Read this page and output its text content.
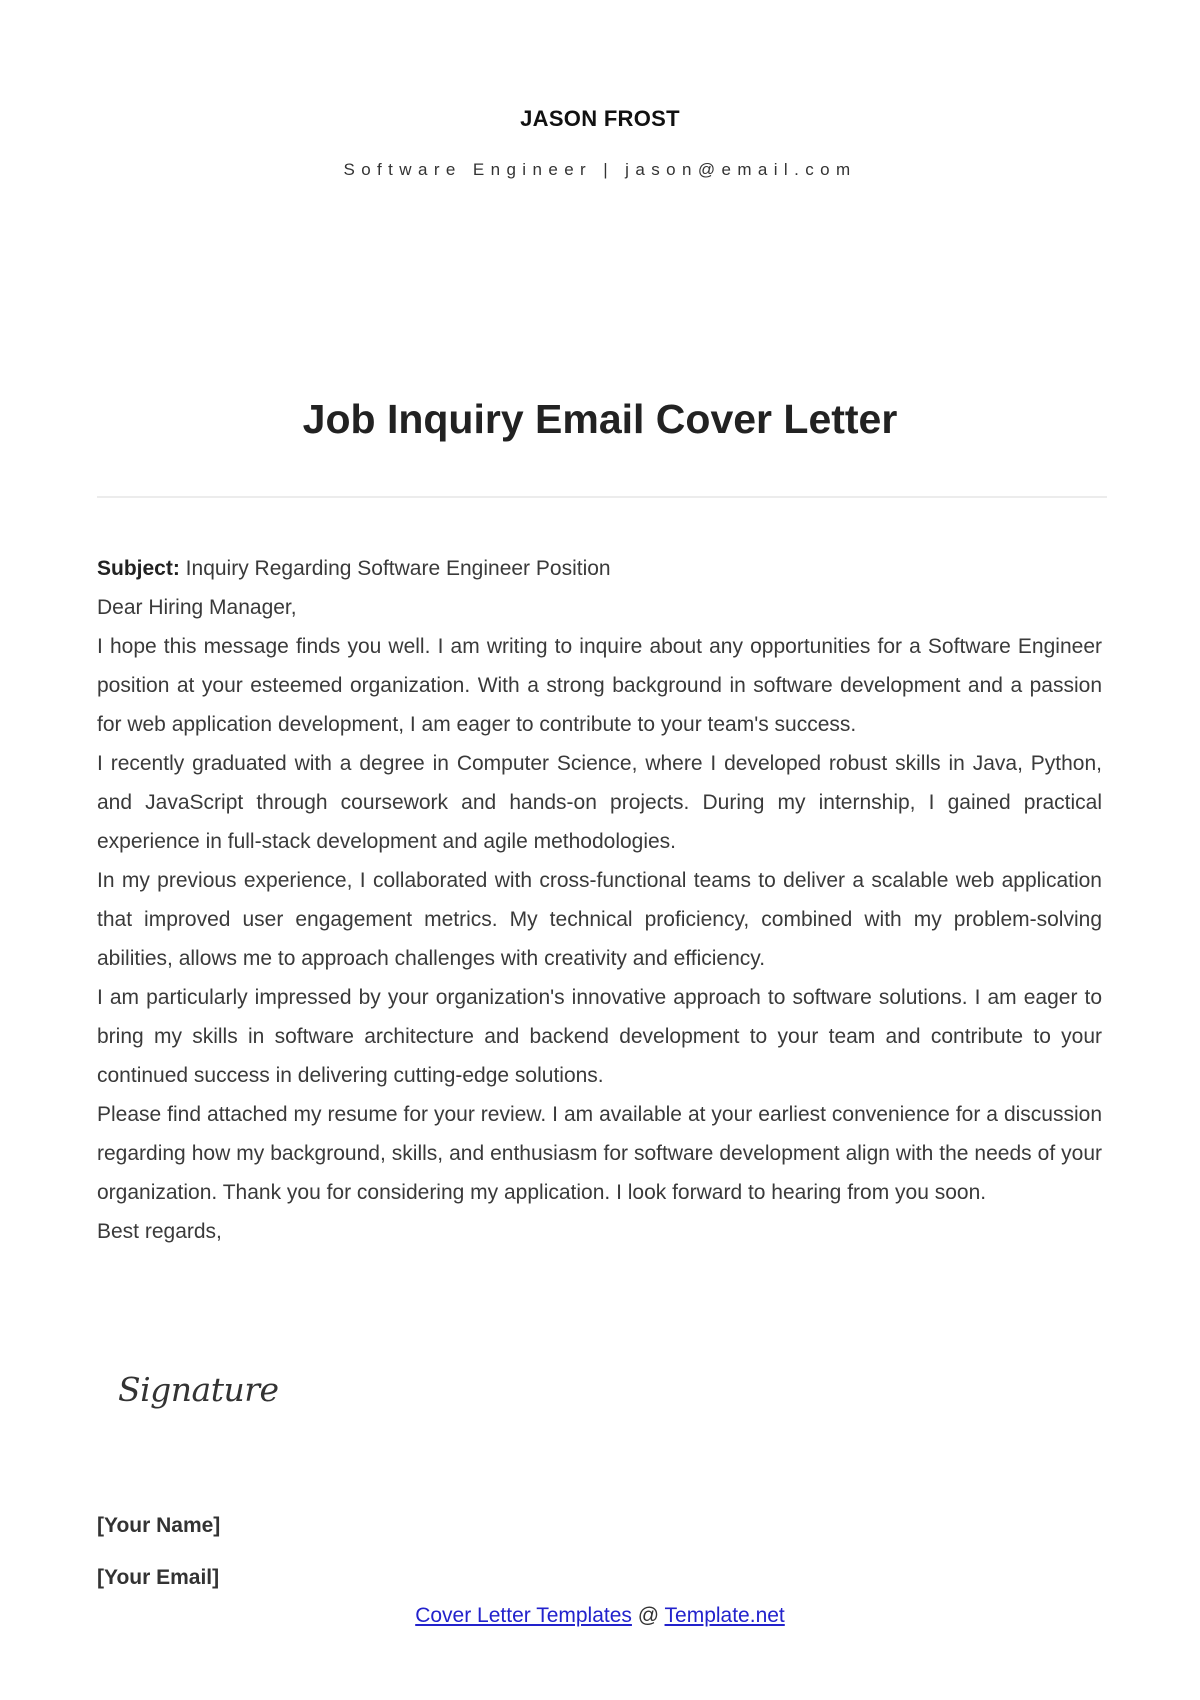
JASON FROST
Software Engineer | jason@email.com
Job Inquiry Email Cover Letter

Subject: Inquiry Regarding Software Engineer Position

Dear Hiring Manager,

I hope this message finds you well. I am writing to inquire about any opportunities for a Software Engineer position at your esteemed organization. With a strong background in software development and a passion for web application development, I am eager to contribute to your team's success.

I recently graduated with a degree in Computer Science, where I developed robust skills in Java, Python, and JavaScript through coursework and hands-on projects. During my internship, I gained practical experience in full-stack development and agile methodologies.

In my previous experience, I collaborated with cross-functional teams to deliver a scalable web application that improved user engagement metrics. My technical proficiency, combined with my problem-solving abilities, allows me to approach challenges with creativity and efficiency.

I am particularly impressed by your organization's innovative approach to software solutions. I am eager to bring my skills in software architecture and backend development to your team and contribute to your continued success in delivering cutting-edge solutions.

Please find attached my resume for your review. I am available at your earliest convenience for a discussion regarding how my background, skills, and enthusiasm for software development align with the needs of your organization. Thank you for considering my application. I look forward to hearing from you soon.

Best regards,

Signature
[Your Name]
[Your Email]
Cover Letter Templates @ Template.net
